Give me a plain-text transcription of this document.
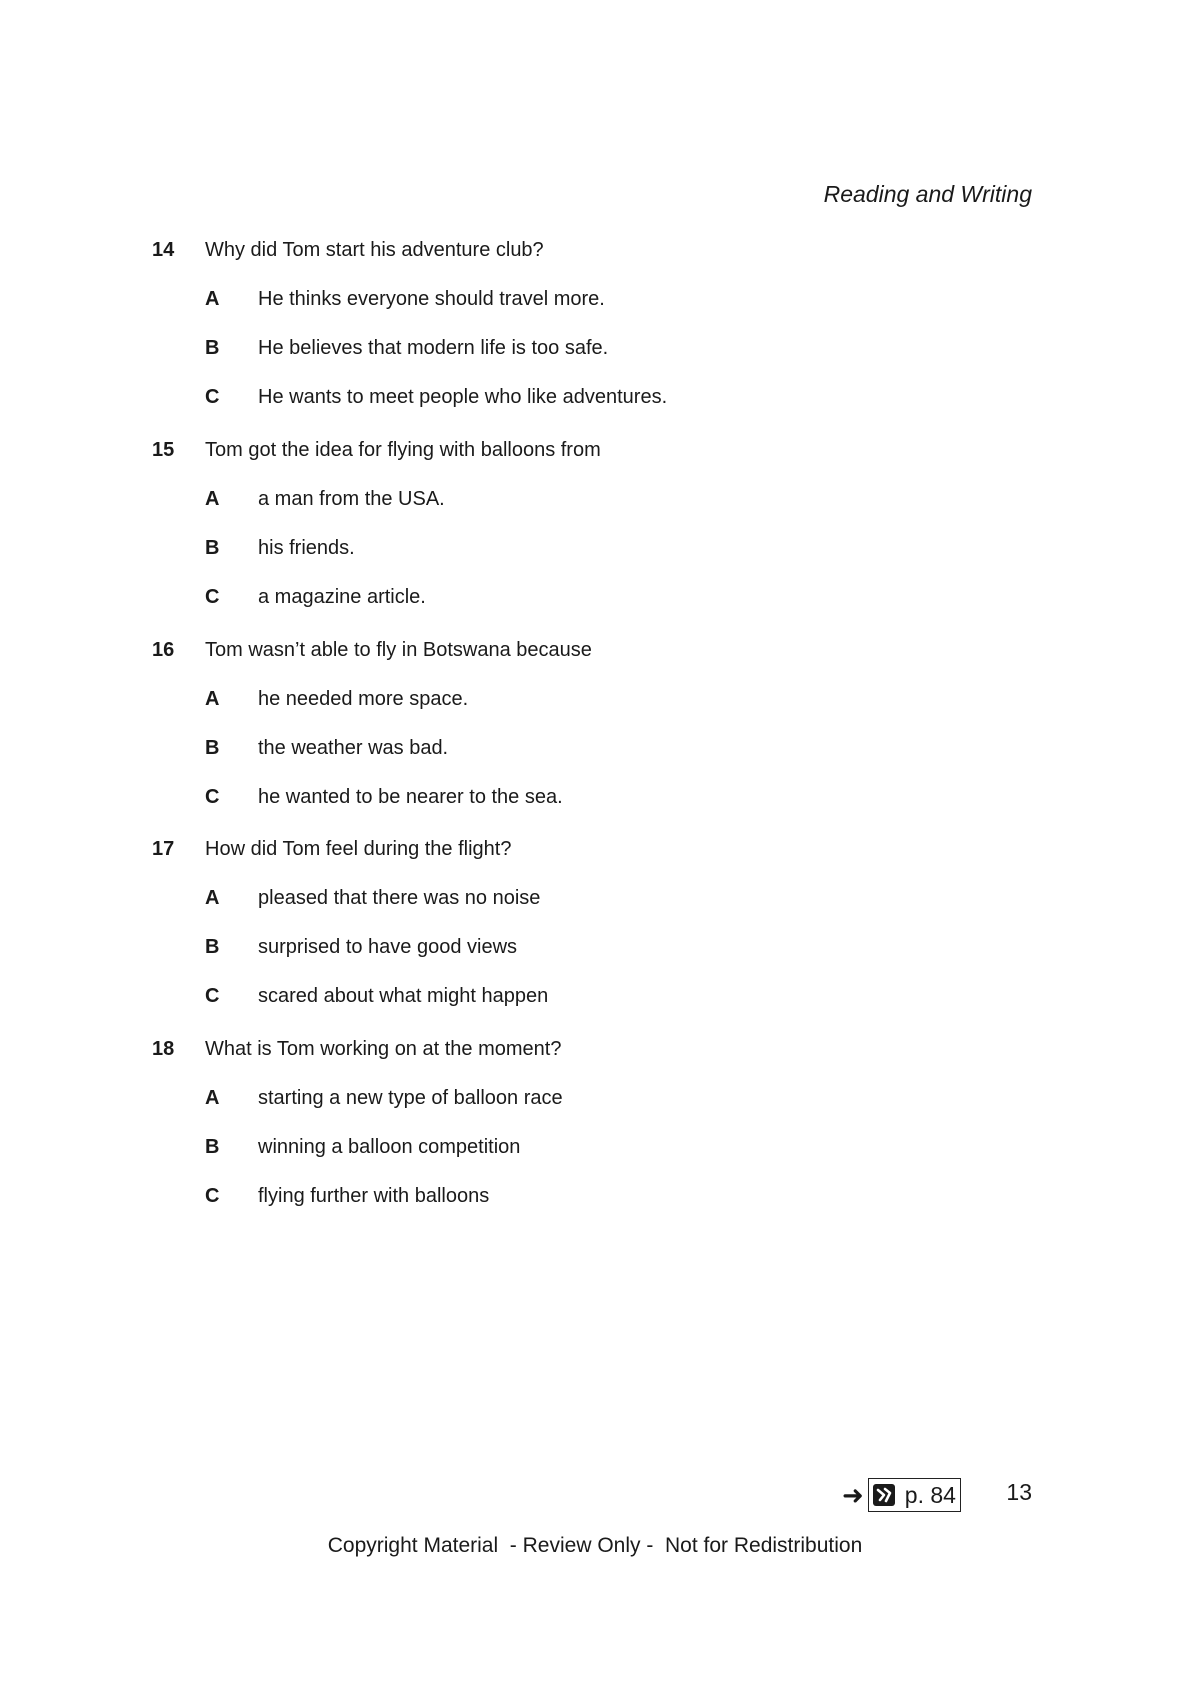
Reading and Writing
14	Why did Tom start his adventure club?
A	He thinks everyone should travel more.
B	He believes that modern life is too safe.
C	He wants to meet people who like adventures.
15	Tom got the idea for flying with balloons from
A	a man from the USA.
B	his friends.
C	a magazine article.
16	Tom wasn’t able to fly in Botswana because
A	he needed more space.
B	the weather was bad.
C	he wanted to be nearer to the sea.
17	How did Tom feel during the flight?
A	pleased that there was no noise
B	surprised to have good views
C	scared about what might happen
18	What is Tom working on at the moment?
A	starting a new type of balloon race
B	winning a balloon competition
C	flying further with balloons
➜ p. 84 13
Copyright Material  - Review Only -  Not for Redistribution
